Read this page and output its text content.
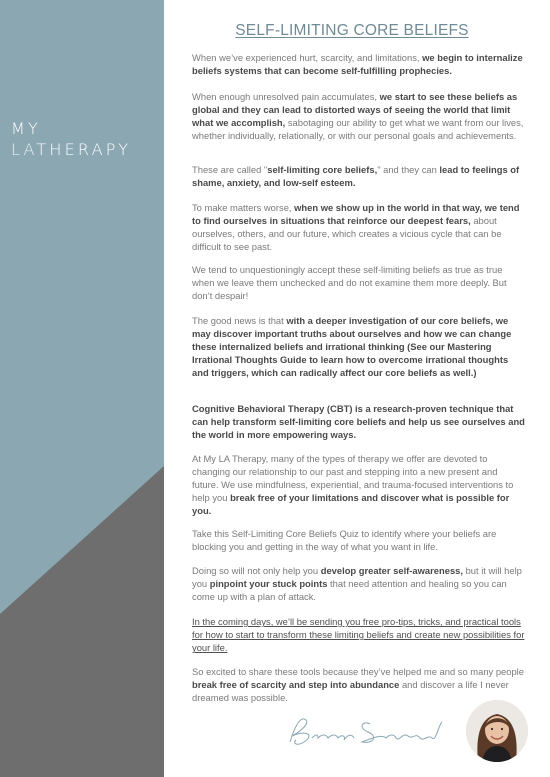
MY
LATHERAPY
SELF-LIMITING CORE BELIEFS

When we’ve experienced hurt, scarcity, and limitations, we begin to internalize beliefs systems that can become self-fulfilling prophecies.

When enough unresolved pain accumulates, we start to see these beliefs as global and they can lead to distorted ways of seeing the world that limit what we accomplish, sabotaging our ability to get what we want from our lives, whether individually, relationally, or with our personal goals and achievements.

These are called "self-limiting core beliefs," and they can lead to feelings of shame, anxiety, and low-self esteem.

To make matters worse, when we show up in the world in that way, we tend to find ourselves in situations that reinforce our deepest fears, about ourselves, others, and our future, which creates a vicious cycle that can be difficult to see past.

We tend to unquestioningly accept these self-limiting beliefs as true as true when we leave them unchecked and do not examine them more deeply. But don’t despair!

The good news is that with a deeper investigation of our core beliefs, we may discover important truths about ourselves and how we can change these internalized beliefs and irrational thinking (See our Mastering Irrational Thoughts Guide to learn how to overcome irrational thoughts and triggers, which can radically affect our core beliefs as well.)

Cognitive Behavioral Therapy (CBT) is a research-proven technique that can help transform self-limiting core beliefs and help us see ourselves and the world in more empowering ways.

At My LA Therapy, many of the types of therapy we offer are devoted to changing our relationship to our past and stepping into a new present and future. We use mindfulness, experiential, and trauma-focused interventions to help you break free of your limitations and discover what is possible for you.

Take this Self-Limiting Core Beliefs Quiz to identify where your beliefs are blocking you and getting in the way of what you want in life.

Doing so will not only help you develop greater self-awareness, but it will help you pinpoint your stuck points that need attention and healing so you can come up with a plan of attack.

In the coming days, we’ll be sending you free pro-tips, tricks, and practical tools for how to start to transform these limiting beliefs and create new possibilities for your life.

So excited to share these tools because they’ve helped me and so many people break free of scarcity and step into abundance and discover a life I never dreamed was possible.

Brooke Sprowl
